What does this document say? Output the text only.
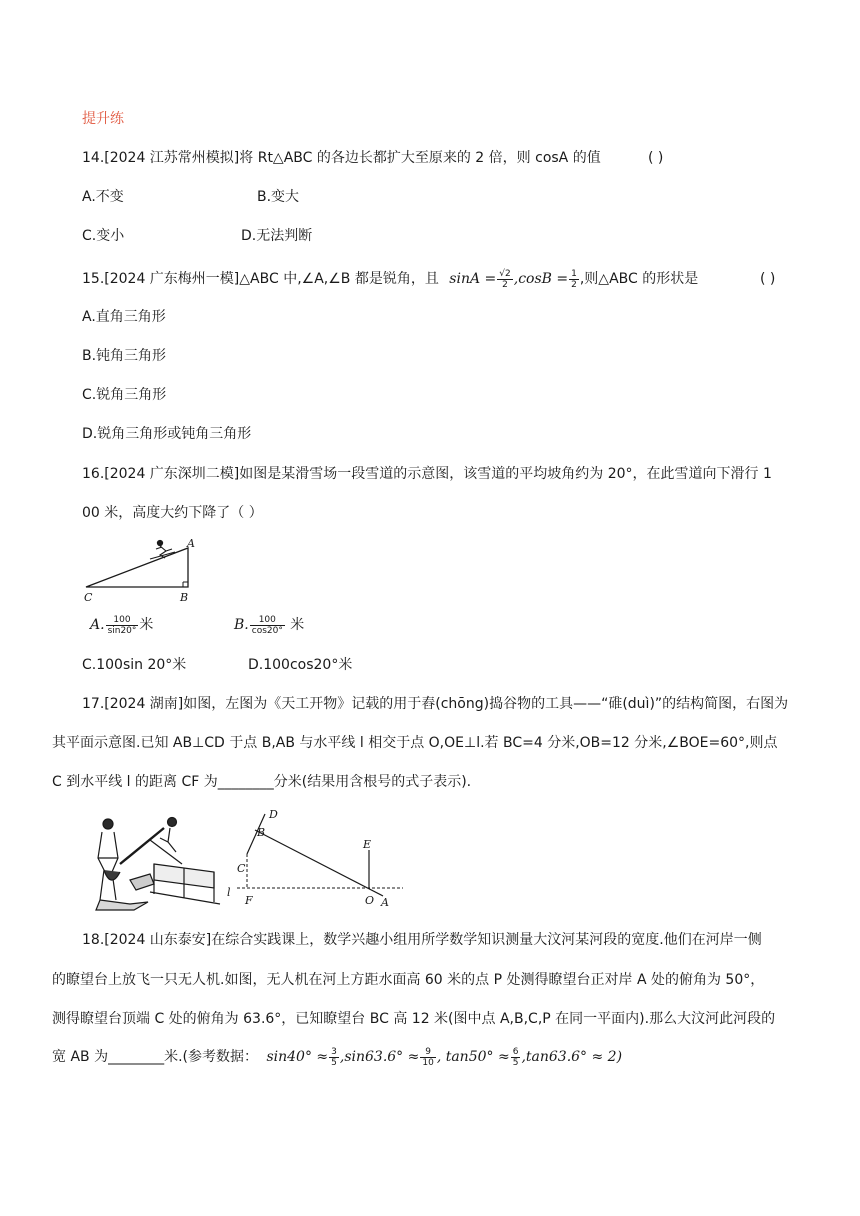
提升练
14.[2024 江苏常州模拟]将 Rt△ABC 的各边长都扩大至原来的 2 倍，则 cosA 的值	( )
A.不变	B.变大
C.变小	D.无法判断
15.[2024 广东梅州一模]△ABC 中,∠A,∠B 都是锐角，且 $\sin A = \frac{√2}{2} ,\cos B = \frac{1}{2}$ ,则△ABC 的形状是	( )
A.直角三角形
B.钝角三角形
C.锐角三角形
D.锐角三角形或钝角三角形
16.[2024 广东深圳二模]如图是某滑雪场一段雪道的示意图，该雪道的平均坡角约为 20°，在此雪道向下滑行 1
00 米，高度大约下降了（ ）
A
B
C
A. $\frac{100}{\sin 20^\circ}$ 米	B. $\frac{100}{\cos 20^\circ}$ 米
C.100sin 20°米	D.100cos20°米
17.[2024 湖南]如图，左图为《天工开物》记载的用于舂(chōng)捣谷物的工具——“碓(duì)”的结构简图，右图为
其平面示意图.已知 AB⊥CD 于点 B,AB 与水平线 l 相交于点 O,OE⊥l.若 BC=4 分米,OB=12 分米,∠BOE=60°,则点
C 到水平线 l 的距离 CF 为________分米(结果用含根号的式子表示).
D
B
C
E
l
F	O A
18.[2024 山东泰安]在综合实践课上，数学兴趣小组用所学数学知识测量大汶河某河段的宽度.他们在河岸一侧
的瞭望台上放飞一只无人机.如图，无人机在河上方距水面高 60 米的点 P 处测得瞭望台正对岸 A 处的俯角为 50°，
测得瞭望台顶端 C 处的俯角为 63.6°，已知瞭望台 BC 高 12 米(图中点 A,B,C,P 在同一平面内).那么大汶河此河段的
宽 AB 为________米.(参考数据： $\sin 40^\circ \approx \frac{3}{5} ,\sin 63.6^\circ \approx \frac{9}{10}$ , $\tan 50^\circ \approx \frac{6}{5} ,\tan 63.6^\circ \approx 2$)
